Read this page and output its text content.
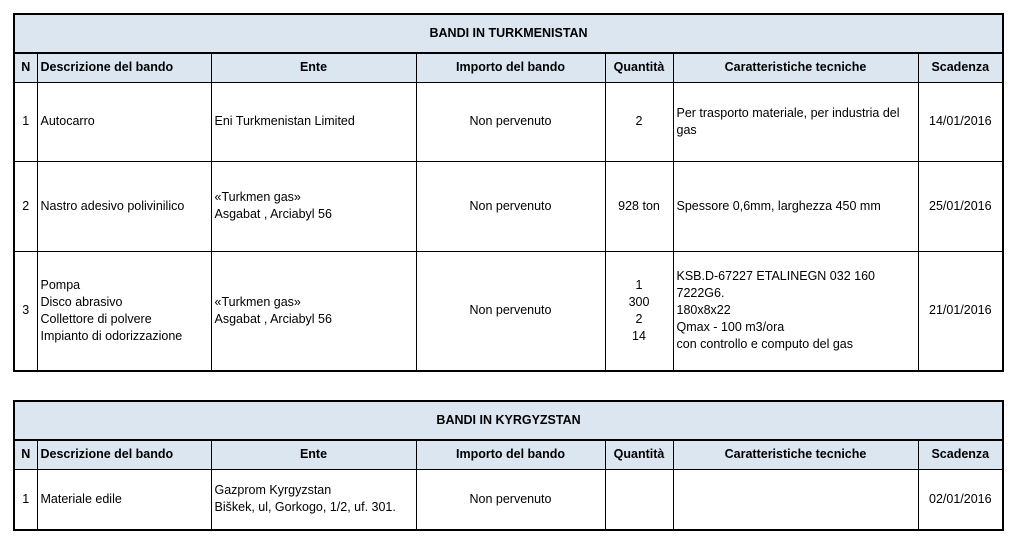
BANDI IN TURKMENISTAN						
N	Descrizione del bando	Ente	Importo del bando	Quantità	Caratteristiche tecniche	Scadenza
1	Autocarro	Eni Turkmenistan Limited	Non pervenuto	2	Per trasporto materiale, per industria del gas	14/01/2016
2	Nastro adesivo polivinilico	«Turkmen gas»
Asgabat , Arciabyl 56	Non pervenuto	928 ton	Spessore 0,6mm, larghezza 450 mm	25/01/2016
3	Pompa
Disco abrasivo
Collettore di polvere
Impianto di odorizzazione	«Turkmen gas»
Asgabat , Arciabyl 56	Non pervenuto	1
300
2
14	KSB.D-67227 ETALINEGN 032 160
7222G6.
180x8x22
Qmax - 100 m3/ora
con controllo e computo del gas	21/01/2016
BANDI IN KYRGYZSTAN						
N	Descrizione del bando	Ente	Importo del bando	Quantità	Caratteristiche tecniche	Scadenza
1	Materiale edile	Gazprom Kyrgyzstan
Biškek, ul, Gorkogo, 1/2, uf. 301.	Non pervenuto			02/01/2016
